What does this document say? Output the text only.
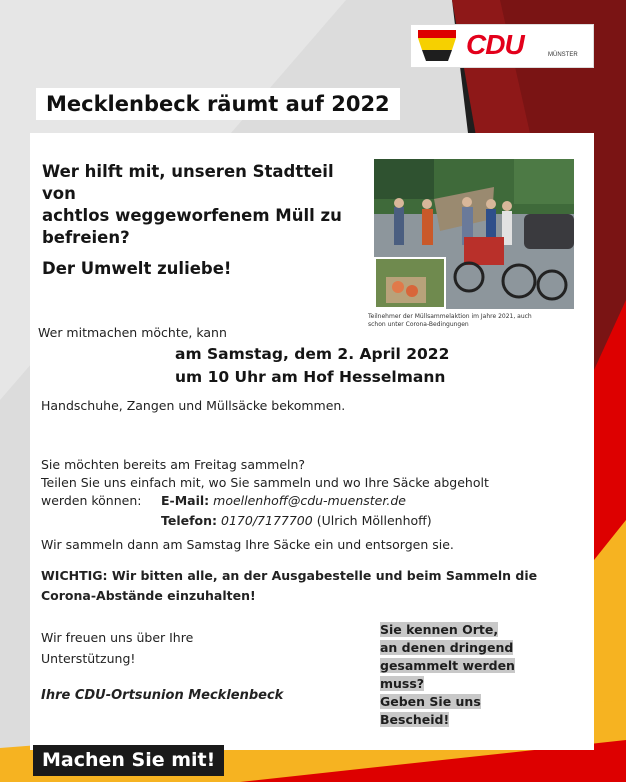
CDU	MÜNSTER
Mecklenbeck räumt auf 2022
Wer hilft mit, unseren Stadtteil von
achtlos weggeworfenem Müll zu
befreien?
Der Umwelt zuliebe!
Teilnehmer der Müllsammelaktion im Jahre 2021, auch
schon unter Corona-Bedingungen
Wer mitmachen möchte, kann
am Samstag, dem 2. April 2022
um 10 Uhr am Hof Hesselmann
Handschuhe, Zangen und Müllsäcke bekommen.
Sie möchten bereits am Freitag sammeln?
Teilen Sie uns einfach mit, wo Sie sammeln und wo Ihre Säcke abgeholt
werden können: E-Mail: moellenhoff@cdu-muenster.de
Telefon: 0170/7177700 (Ulrich Möllenhoff)
Wir sammeln dann am Samstag Ihre Säcke ein und entsorgen sie.
WICHTIG: Wir bitten alle, an der Ausgabestelle und beim Sammeln die
Corona-Abstände einzuhalten!
Wir freuen uns über Ihre
Unterstützung!
Ihre CDU-Ortsunion Mecklenbeck
Sie kennen Orte,
an denen dringend
gesammelt werden muss?
Geben Sie uns Bescheid!
Machen Sie mit!
